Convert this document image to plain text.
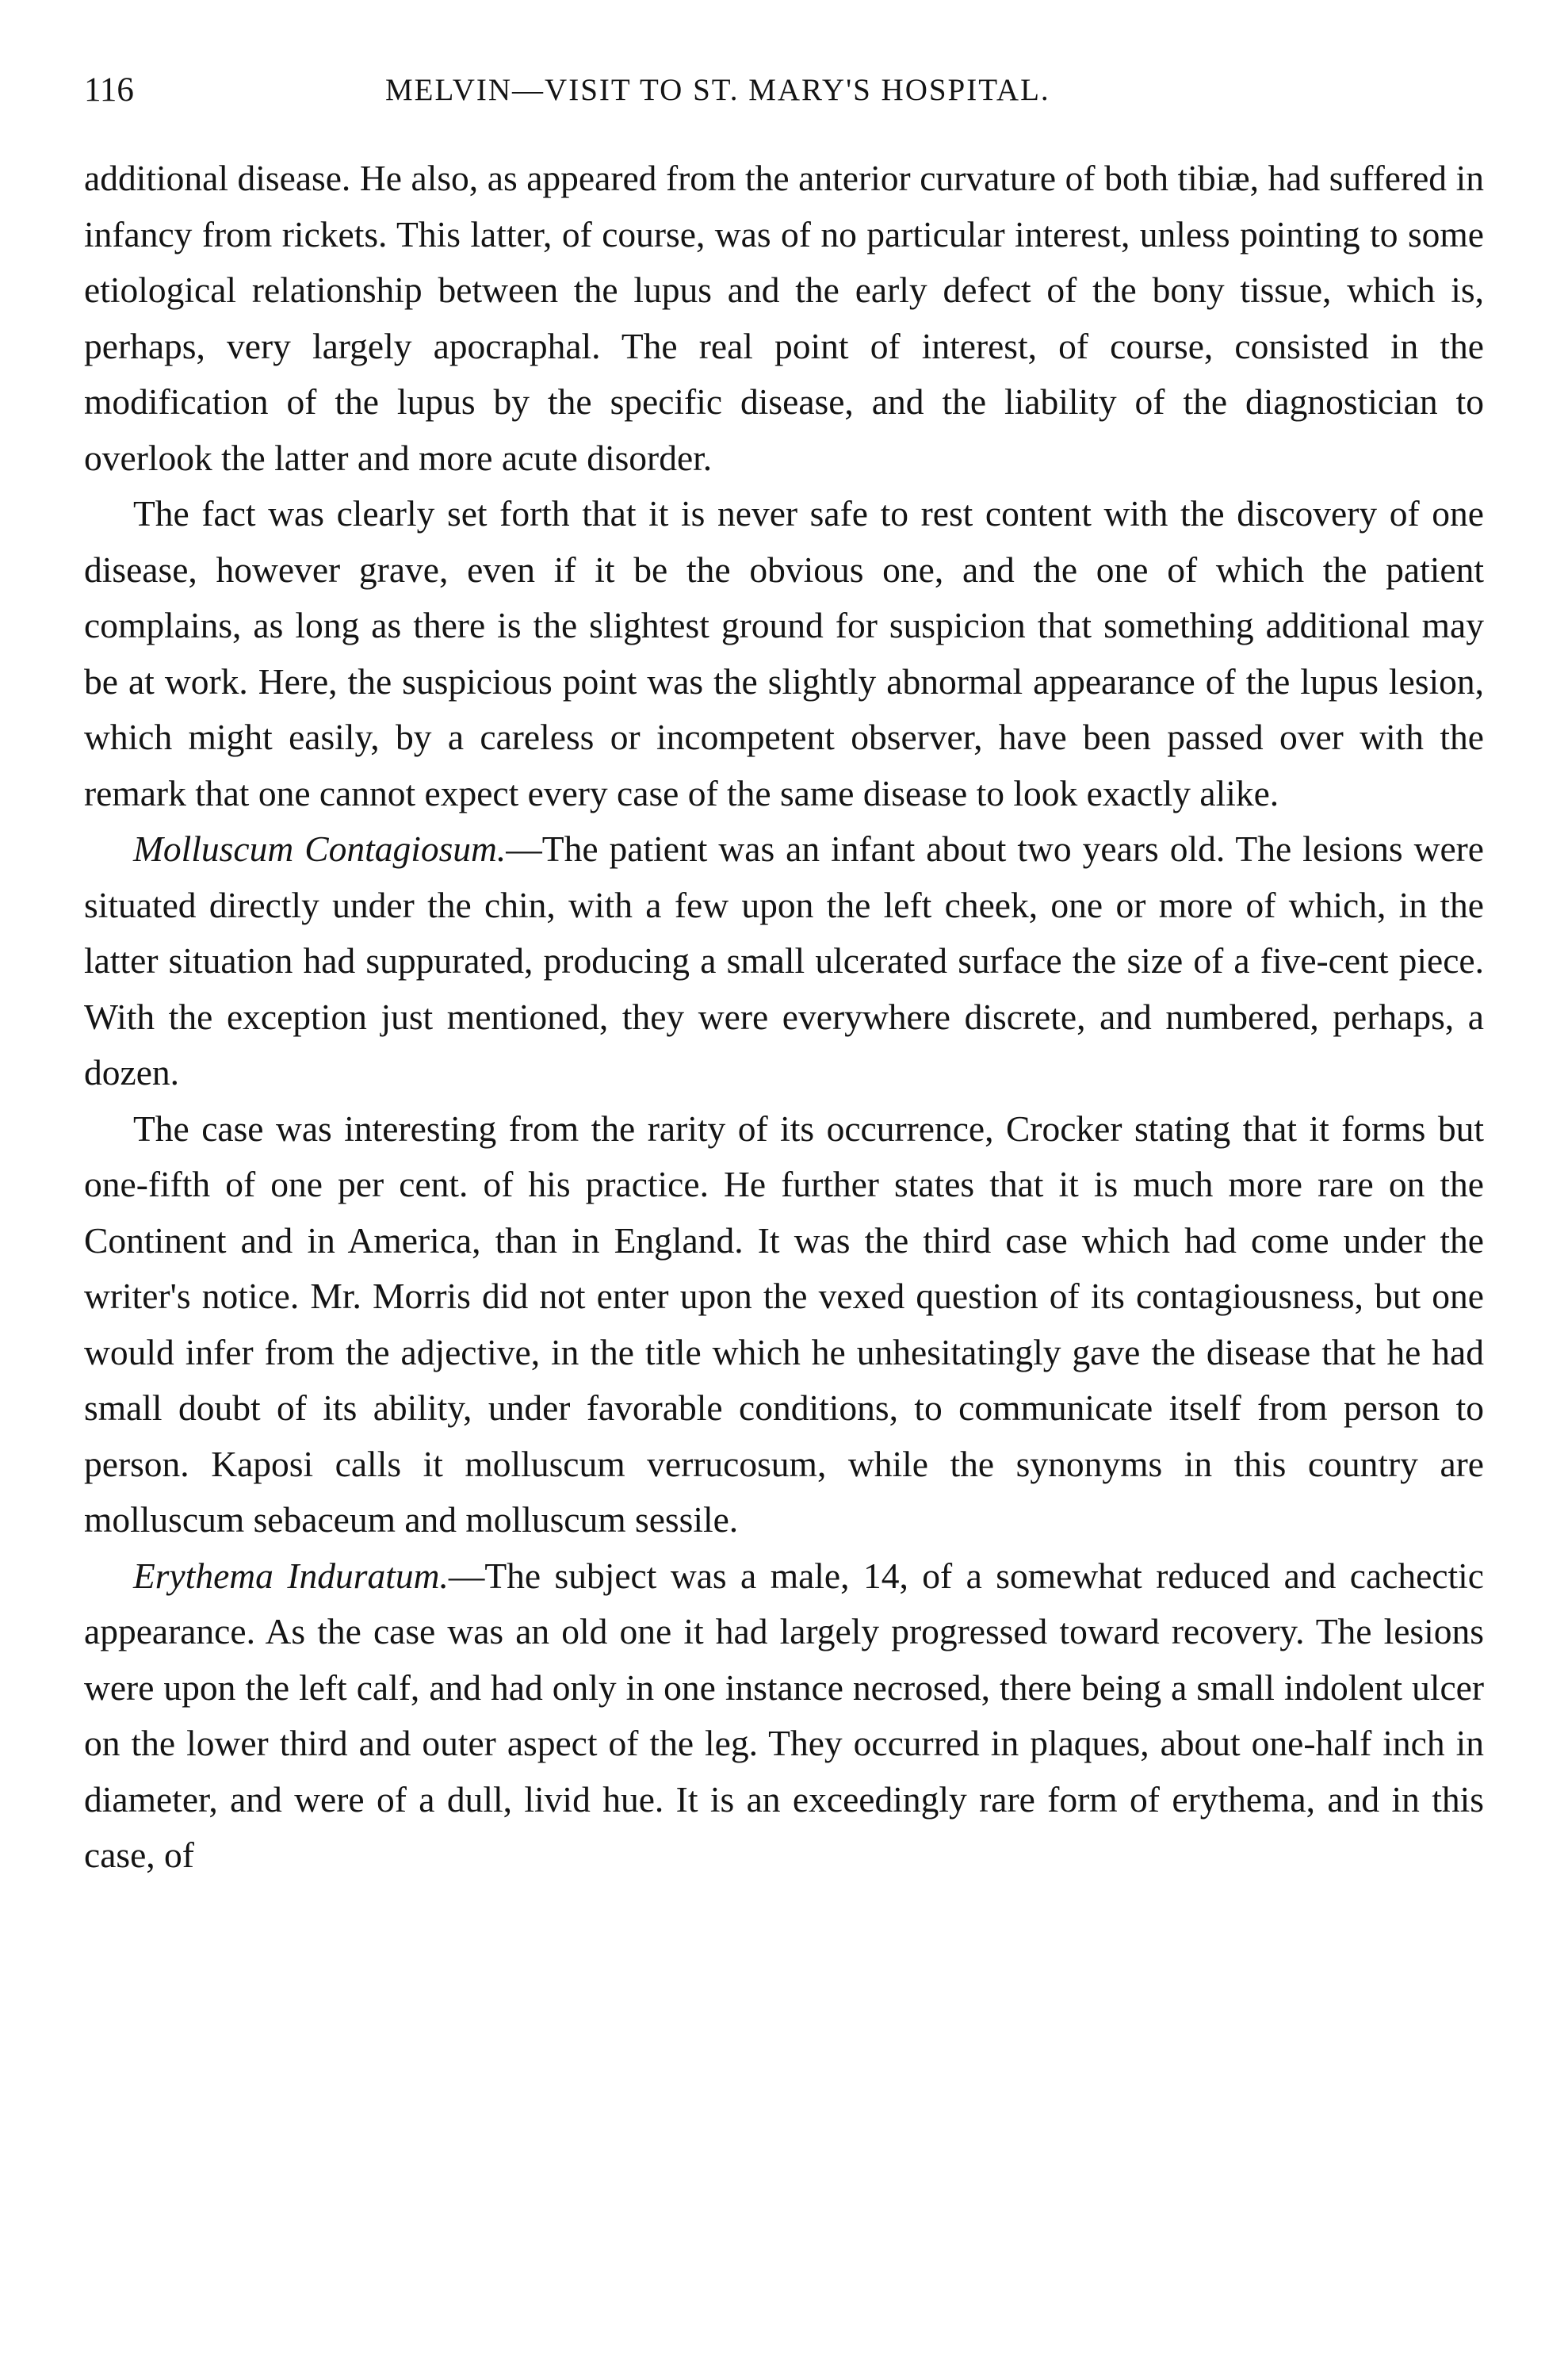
116	MELVIN—VISIT TO ST. MARY'S HOSPITAL.

additional disease. He also, as appeared from the anterior curvature of both tibiæ, had suffered in infancy from rickets. This latter, of course, was of no particular interest, unless pointing to some etiological relationship between the lupus and the early defect of the bony tissue, which is, perhaps, very largely apocraphal. The real point of interest, of course, consisted in the modification of the lupus by the specific disease, and the liability of the diagnostician to overlook the latter and more acute disorder.

The fact was clearly set forth that it is never safe to rest content with the discovery of one disease, however grave, even if it be the obvious one, and the one of which the patient complains, as long as there is the slightest ground for suspicion that something additional may be at work. Here, the suspicious point was the slightly abnormal appearance of the lupus lesion, which might easily, by a careless or incompetent observer, have been passed over with the remark that one cannot expect every case of the same disease to look exactly alike.

Molluscum Contagiosum.—The patient was an infant about two years old. The lesions were situated directly under the chin, with a few upon the left cheek, one or more of which, in the latter situation had suppurated, producing a small ulcerated surface the size of a five-cent piece. With the exception just mentioned, they were everywhere discrete, and numbered, perhaps, a dozen.

The case was interesting from the rarity of its occurrence, Crocker stating that it forms but one-fifth of one per cent. of his practice. He further states that it is much more rare on the Continent and in America, than in England. It was the third case which had come under the writer's notice. Mr. Morris did not enter upon the vexed question of its contagiousness, but one would infer from the adjective, in the title which he unhesitatingly gave the disease that he had small doubt of its ability, under favorable conditions, to communicate itself from person to person. Kaposi calls it molluscum verrucosum, while the synonyms in this country are molluscum sebaceum and molluscum sessile.

Erythema Induratum.—The subject was a male, 14, of a somewhat reduced and cachectic appearance. As the case was an old one it had largely progressed toward recovery. The lesions were upon the left calf, and had only in one instance necrosed, there being a small indolent ulcer on the lower third and outer aspect of the leg. They occurred in plaques, about one-half inch in diameter, and were of a dull, livid hue. It is an exceedingly rare form of erythema, and in this case, of
